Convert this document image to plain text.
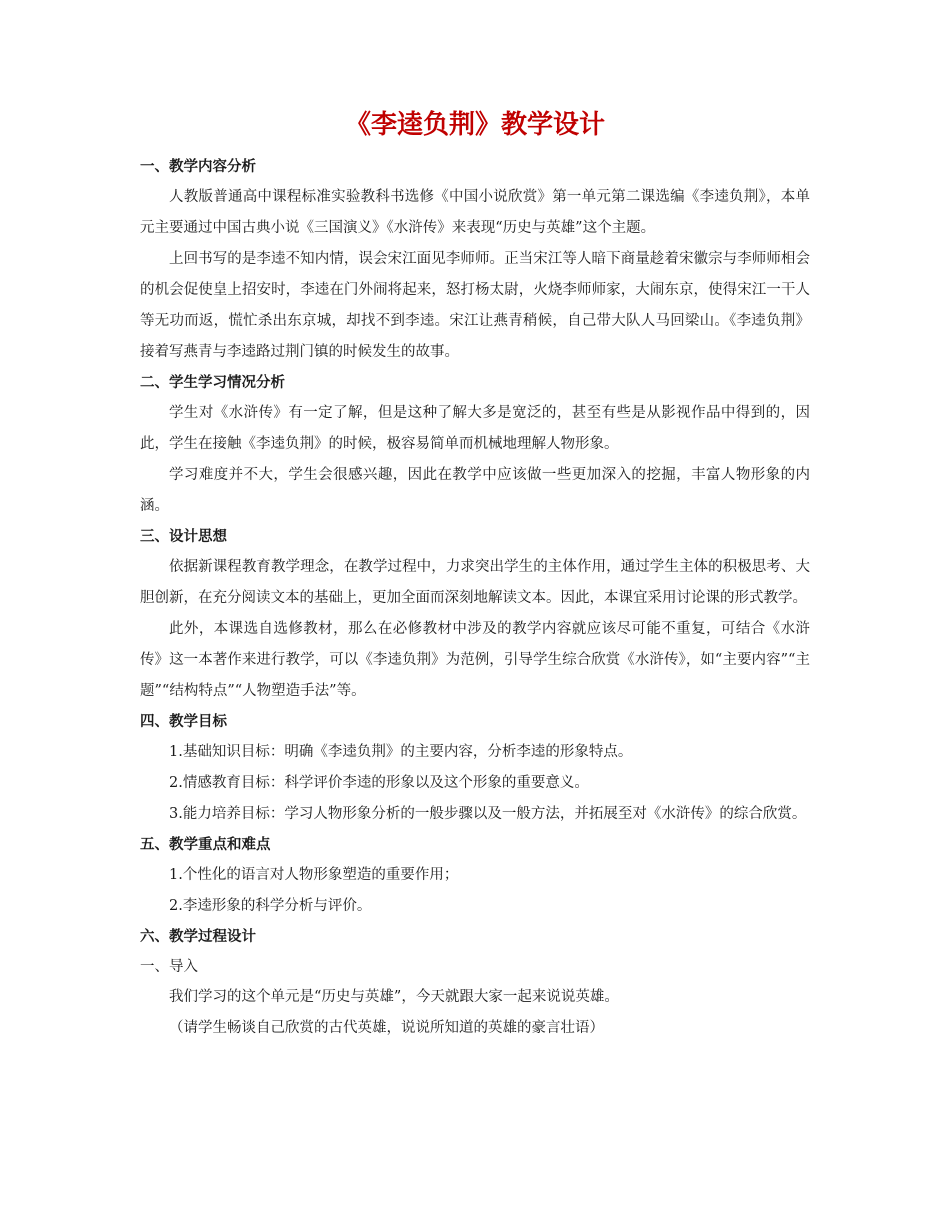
《李逵负荆》教学设计
一、教学内容分析

人教版普通高中课程标准实验教科书选修《中国小说欣赏》第一单元第二课选编《李逵负荆》，本单元主要通过中国古典小说《三国演义》《水浒传》来表现“历史与英雄”这个主题。

上回书写的是李逵不知内情，误会宋江面见李师师。正当宋江等人暗下商量趁着宋徽宗与李师师相会的机会促使皇上招安时，李逵在门外闹将起来，怒打杨太尉，火烧李师师家，大闹东京，使得宋江一干人等无功而返，慌忙杀出东京城，却找不到李逵。宋江让燕青稍候，自己带大队人马回梁山。《李逵负荆》接着写燕青与李逵路过荆门镇的时候发生的故事。

二、学生学习情况分析

学生对《水浒传》有一定了解，但是这种了解大多是宽泛的，甚至有些是从影视作品中得到的，因此，学生在接触《李逵负荆》的时候，极容易简单而机械地理解人物形象。

学习难度并不大，学生会很感兴趣，因此在教学中应该做一些更加深入的挖掘，丰富人物形象的内涵。

三、设计思想

依据新课程教育教学理念，在教学过程中，力求突出学生的主体作用，通过学生主体的积极思考、大胆创新，在充分阅读文本的基础上，更加全面而深刻地解读文本。因此，本课宜采用讨论课的形式教学。

此外，本课选自选修教材，那么在必修教材中涉及的教学内容就应该尽可能不重复，可结合《水浒传》这一本著作来进行教学，可以《李逵负荆》为范例，引导学生综合欣赏《水浒传》，如“主要内容”“主题”“结构特点”“人物塑造手法”等。

四、教学目标

1.基础知识目标：明确《李逵负荆》的主要内容，分析李逵的形象特点。

2.情感教育目标：科学评价李逵的形象以及这个形象的重要意义。

3.能力培养目标：学习人物形象分析的一般步骤以及一般方法，并拓展至对《水浒传》的综合欣赏。

五、教学重点和难点

1.个性化的语言对人物形象塑造的重要作用；

2.李逵形象的科学分析与评价。

六、教学过程设计
一、导入

我们学习的这个单元是“历史与英雄”，今天就跟大家一起来说说英雄。

（请学生畅谈自己欣赏的古代英雄，说说所知道的英雄的豪言壮语）
